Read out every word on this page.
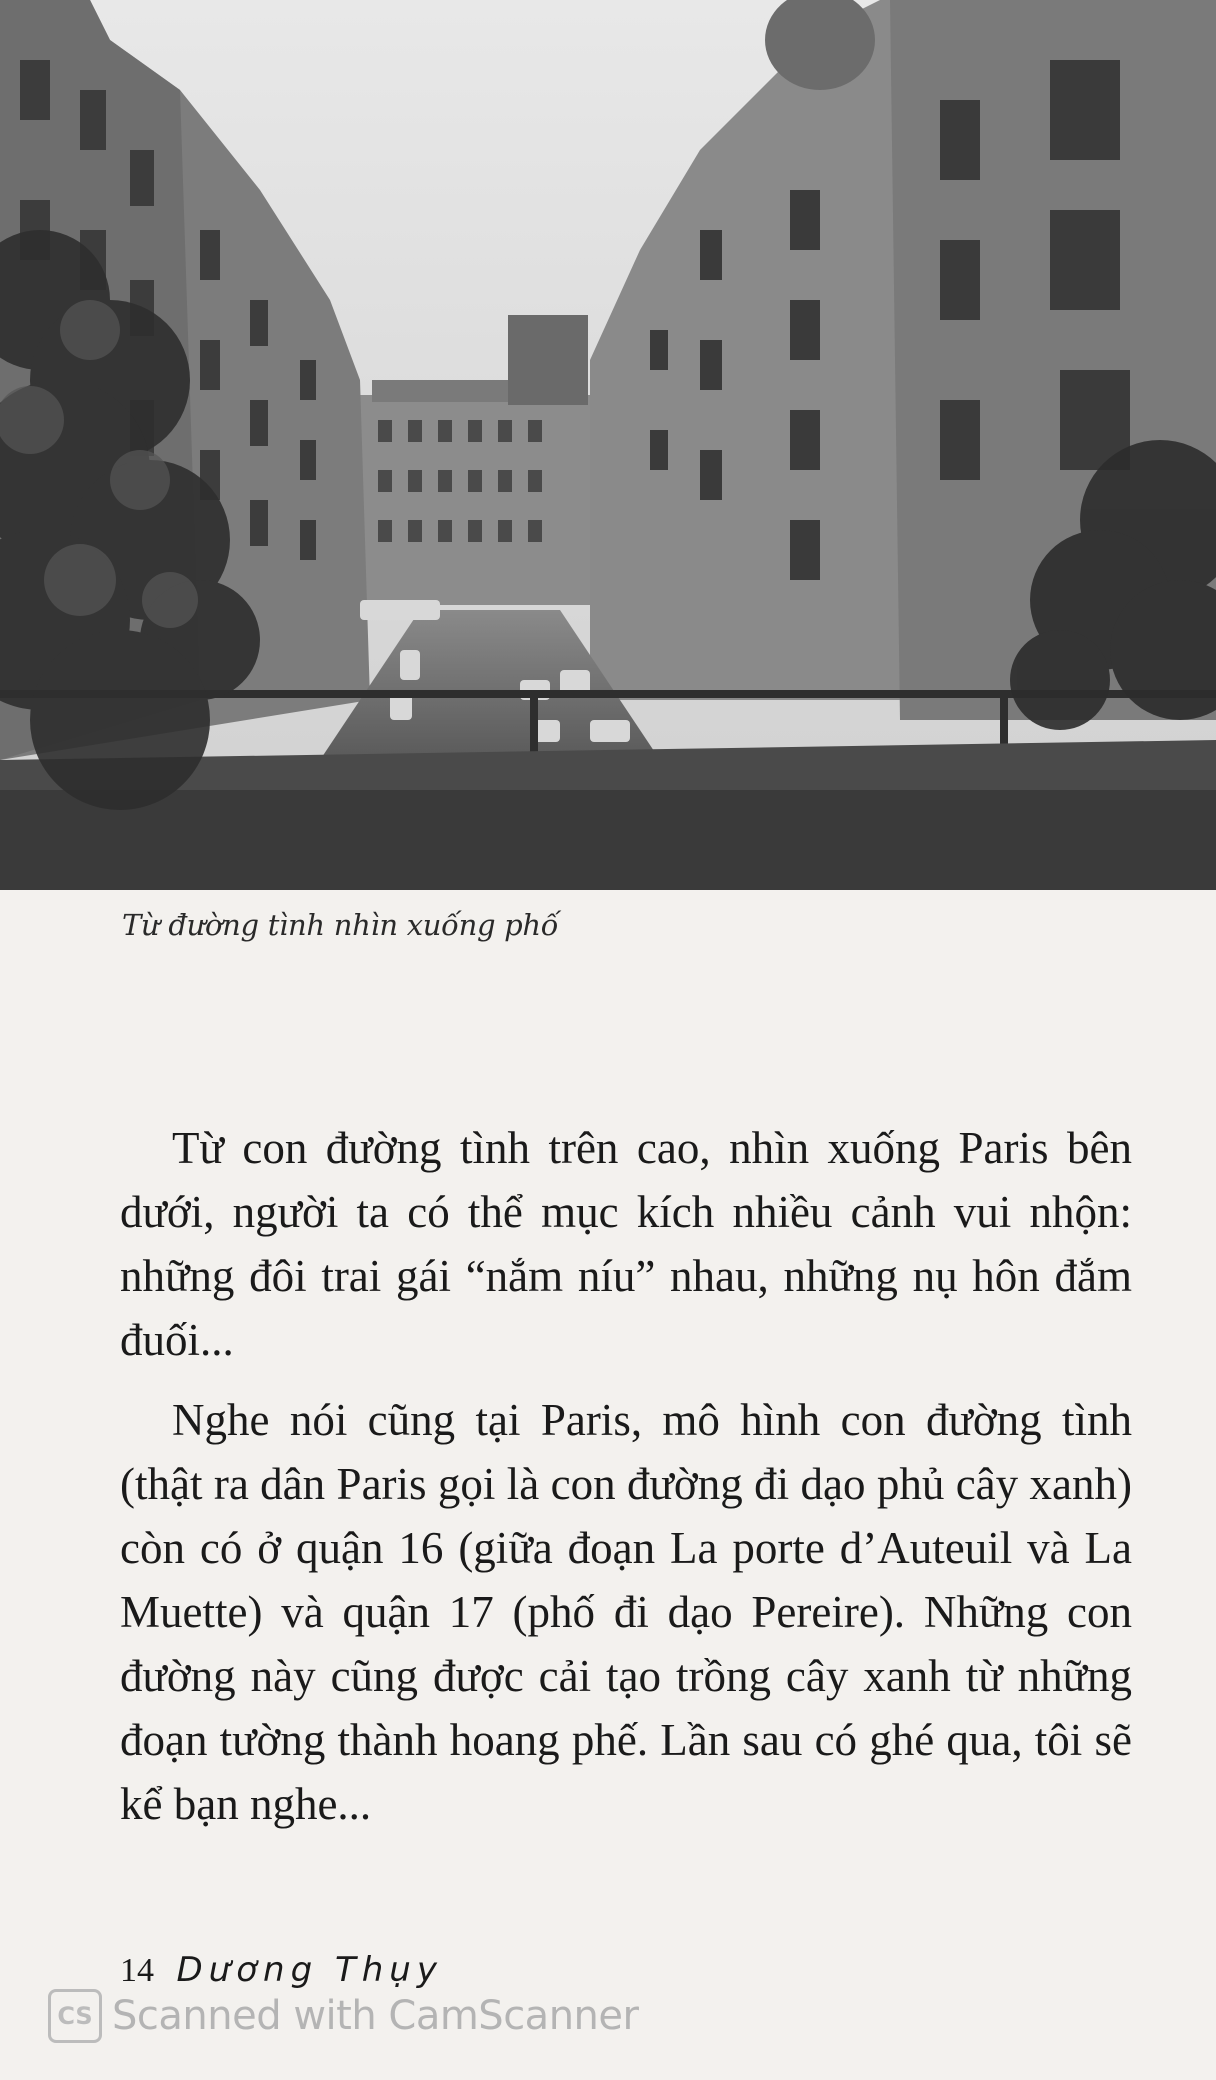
Từ đường tình nhìn xuống phố

Từ con đường tình trên cao, nhìn xuống Paris bên dưới, người ta có thể mục kích nhiều cảnh vui nhộn: những đôi trai gái “nắm níu” nhau, những nụ hôn đắm đuối...

Nghe nói cũng tại Paris, mô hình con đường tình (thật ra dân Paris gọi là con đường đi dạo phủ cây xanh) còn có ở quận 16 (giữa đoạn La porte d’Auteuil và La Muette) và quận 17 (phố đi dạo Pereire). Những con đường này cũng được cải tạo trồng cây xanh từ những đoạn tường thành hoang phế. Lần sau có ghé qua, tôi sẽ kể bạn nghe...

14 Dương Thụy
CS Scanned with CamScanner
